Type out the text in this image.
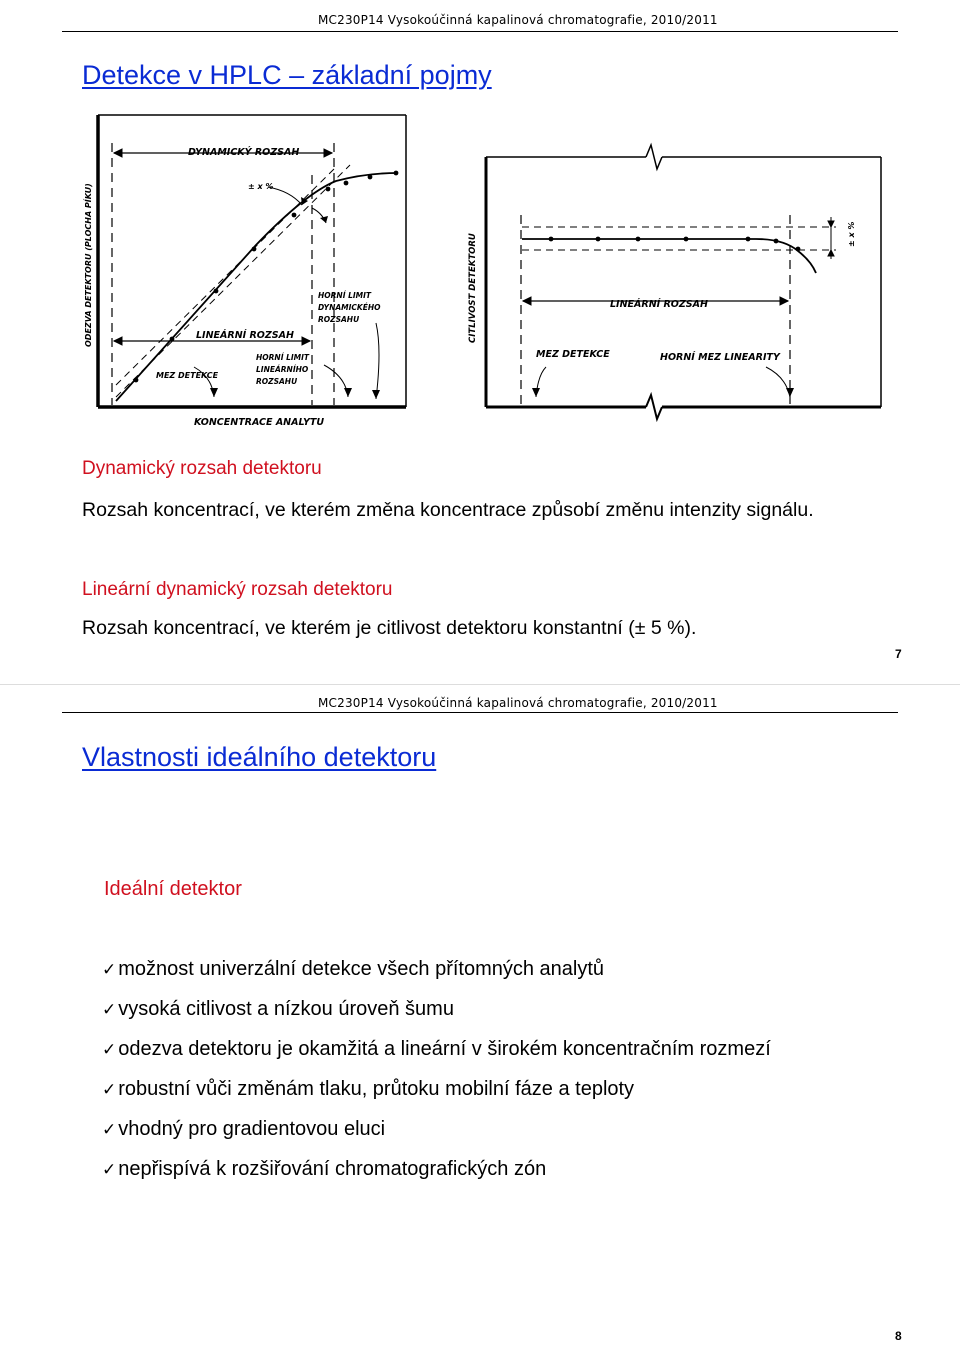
MC230P14 Vysokoúčinná kapalinová chromatografie, 2010/2011
Detekce v HPLC – základní pojmy
ODEZVA DETEKTORU (PLOCHA PÍKU)
KONCENTRACE ANALYTU
DYNAMICKÝ ROZSAH
± x %
LINEÁRNÍ ROZSAH
HORNÍ LIMIT DYNAMICKÉHO ROZSAHU
HORNÍ LIMIT LINEÁRNÍHO ROZSAHU
MEZ DETEKCE
CITLIVOST DETEKTORU	± x %
LINEÁRNÍ ROZSAH
MEZ DETEKCE	HORNÍ MEZ LINEARITY
Dynamický rozsah detektoru
Rozsah koncentrací, ve kterém změna koncentrace způsobí změnu intenzity signálu.
Lineární dynamický rozsah detektoru
Rozsah koncentrací, ve kterém je citlivost detektoru konstantní (± 5 %).
7
MC230P14 Vysokoúčinná kapalinová chromatografie, 2010/2011
Vlastnosti ideálního detektoru
Ideální detektor
✓ možnost univerzální detekce všech přítomných analytů
✓ vysoká citlivost a nízkou úroveň šumu
✓ odezva detektoru je okamžitá a lineární v širokém koncentračním rozmezí
✓ robustní vůči změnám tlaku, průtoku mobilní fáze a teploty
✓ vhodný pro gradientovou eluci
✓ nepřispívá k rozšiřování chromatografických zón
8
